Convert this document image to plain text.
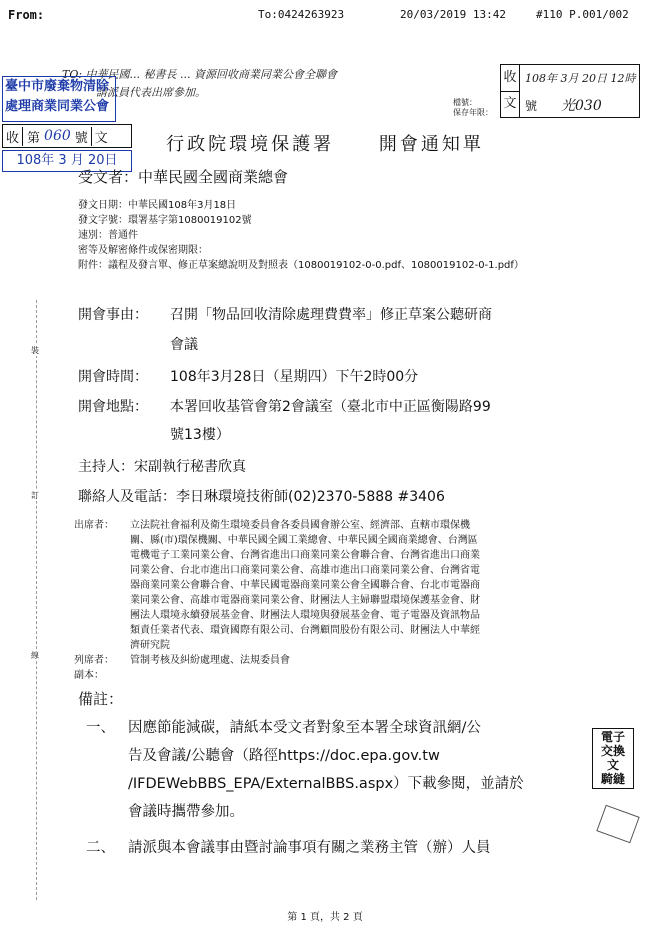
From:	To:0424263923	20/03/2019 13:42	#110 P.001/002
TO: 中華民國... 秘書長 ... 資源回收商業同業公會全聯會
請派員代表出席參加。
臺中市廢棄物清除
處理商業同業公會
收 第 060 號 文
108年 3 月 20日
收
文
108年 3月 20日 12時
號 光030
檔號：
保存年限：
行政院環境保護署 開會通知單
受文者：中華民國全國商業總會
發文日期：中華民國108年3月18日
發文字號：環署基字第1080019102號
速別：普通件
密等及解密條件或保密期限：
附件：議程及發言單、修正草案總說明及對照表（1080019102-0-0.pdf、1080019102-0-1.pdf）
開會事由： 召開「物品回收清除處理費費率」修正草案公聽研商
會議
開會時間： 108年3月28日（星期四）下午2時00分
開會地點： 本署回收基管會第2會議室（臺北市中正區衡陽路99
號13樓）
主持人：宋副執行秘書欣真
聯絡人及電話：李日琳環境技術師(02)2370-5888 #3406
出席者： 立法院社會福利及衛生環境委員會各委員國會辦公室、經濟部、直轄市環保機
關、縣(市)環保機關、中華民國全國工業總會、中華民國全國商業總會、台灣區
電機電子工業同業公會、台灣省進出口商業同業公會聯合會、台灣省進出口商業
同業公會、台北市進出口商業同業公會、高雄市進出口商業同業公會、台灣省電
器商業同業公會聯合會、中華民國電器商業同業公會全國聯合會、台北市電器商
業同業公會、高雄市電器商業同業公會、財團法人主婦聯盟環境保護基金會、財
團法人環境永續發展基金會、財團法人環境與發展基金會、電子電器及資訊物品
類責任業者代表、環資國際有限公司、台灣顧問股份有限公司、財團法人中華經
濟研究院
列席者： 管制考核及糾紛處理處、法規委員會
副本：
備註：
一、 因應節能減碳，請紙本受文者對象至本署全球資訊網/公
告及會議/公聽會（路徑https://doc.epa.gov.tw
/IFDEWebBBS_EPA/ExternalBBS.aspx）下載參閱，並請於
會議時攜帶參加。
二、 請派與本會議事由暨討論事項有關之業務主管（辦）人員
電子
交換
文
騎縫
裝
訂
線
第 1 頁，共 2 頁
